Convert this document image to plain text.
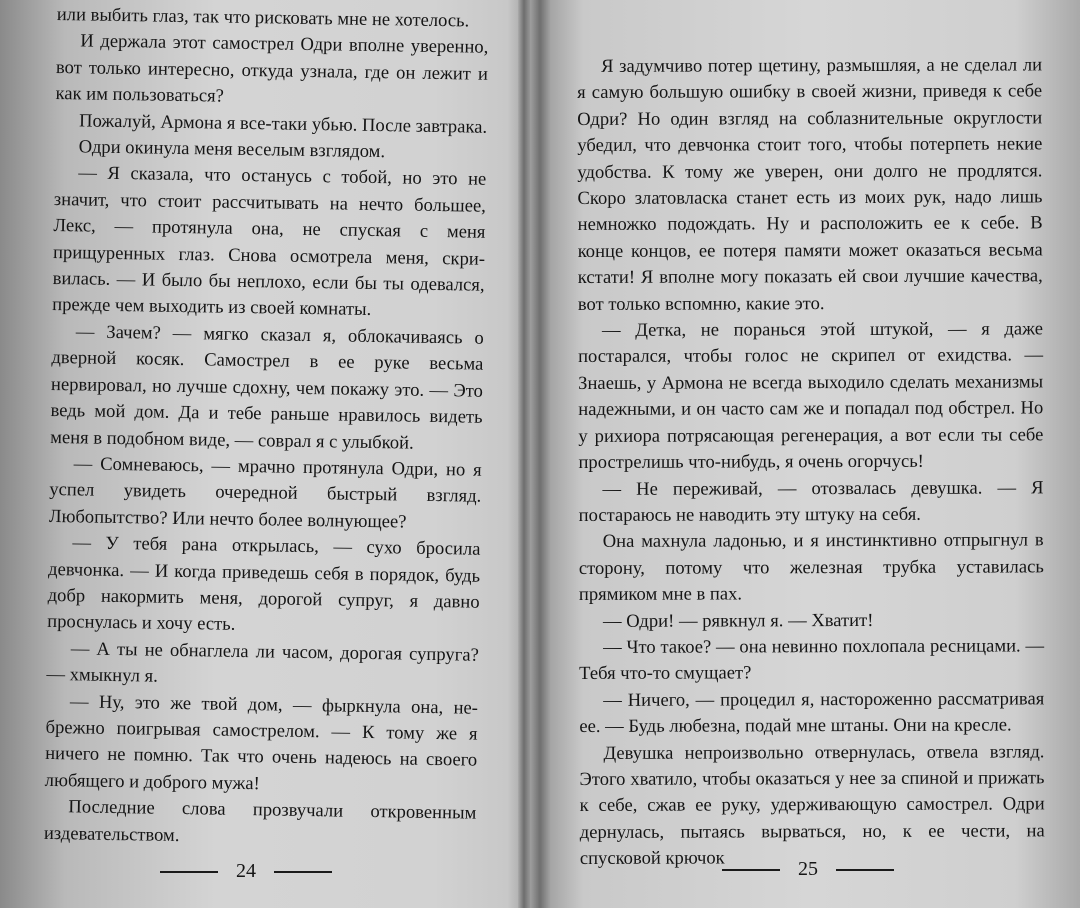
или выбить глаз, так что рисковать мне не хотелось.

И держала этот самострел Одри вполне уверенно, вот только интересно, откуда узнала, где он лежит и как им пользоваться?

Пожалуй, Армона я все-таки убью. После завтрака.

Одри окинула меня веселым взглядом.

— Я сказала, что останусь с тобой, но это не значит, что стоит рассчитывать на нечто большее, Лекс, — протянула она, не спуская с меня прищуренных глаз. Снова осмотрела меня, скривилась. — И было бы неплохо, если бы ты одевался, прежде чем выходить из своей комнаты.

— Зачем? — мягко сказал я, облокачиваясь о дверной косяк. Самострел в ее руке весьма нервировал, но лучше сдохну, чем покажу это. — Это ведь мой дом. Да и тебе раньше нравилось видеть меня в подобном виде, — соврал я с улыбкой.

— Сомневаюсь, — мрачно протянула Одри, но я успел увидеть очередной быстрый взгляд. Любопытство? Или нечто более волнующее?

— У тебя рана открылась, — сухо бросила девчонка. — И когда приведешь себя в порядок, будь добр накормить меня, дорогой супруг, я давно проснулась и хочу есть.

— А ты не обнаглела ли часом, дорогая супруга? — хмыкнул я.

— Ну, это же твой дом, — фыркнула она, небрежно поигрывая самострелом. — К тому же я ничего не помню. Так что очень надеюсь на своего любящего и доброго мужа!

Последние слова прозвучали откровенным издевательством.

24

Я задумчиво потер щетину, размышляя, а не сделал ли я самую большую ошибку в своей жизни, приведя к себе Одри? Но один взгляд на соблазнительные округлости убедил, что девчонка стоит того, чтобы потерпеть некие удобства. К тому же уверен, они долго не продлятся. Скоро златовласка станет есть из моих рук, надо лишь немножко подождать. Ну и расположить ее к себе. В конце концов, ее потеря памяти может оказаться весьма кстати! Я вполне могу показать ей свои лучшие качества, вот только вспомню, какие это.

— Детка, не поранься этой штукой, — я даже постарался, чтобы голос не скрипел от ехидства. — Знаешь, у Армона не всегда выходило сделать механизмы надежными, и он часто сам же и попадал под обстрел. Но у рихиора потрясающая регенерация, а вот если ты себе прострелишь что-нибудь, я очень огорчусь!

— Не переживай, — отозвалась девушка. — Я постараюсь не наводить эту штуку на себя.

Она махнула ладонью, и я инстинктивно отпрыгнул в сторону, потому что железная трубка уставилась прямиком мне в пах.

— Одри! — рявкнул я. — Хватит!

— Что такое? — она невинно похлопала ресницами. — Тебя что-то смущает?

— Ничего, — процедил я, настороженно рассматривая ее. — Будь любезна, подай мне штаны. Они на кресле.

Девушка непроизвольно отвернулась, отвела взгляд. Этого хватило, чтобы оказаться у нее за спиной и прижать к себе, сжав ее руку, удерживающую самострел. Одри дернулась, пытаясь вырваться, но, к ее чести, на спусковой крючок	25
